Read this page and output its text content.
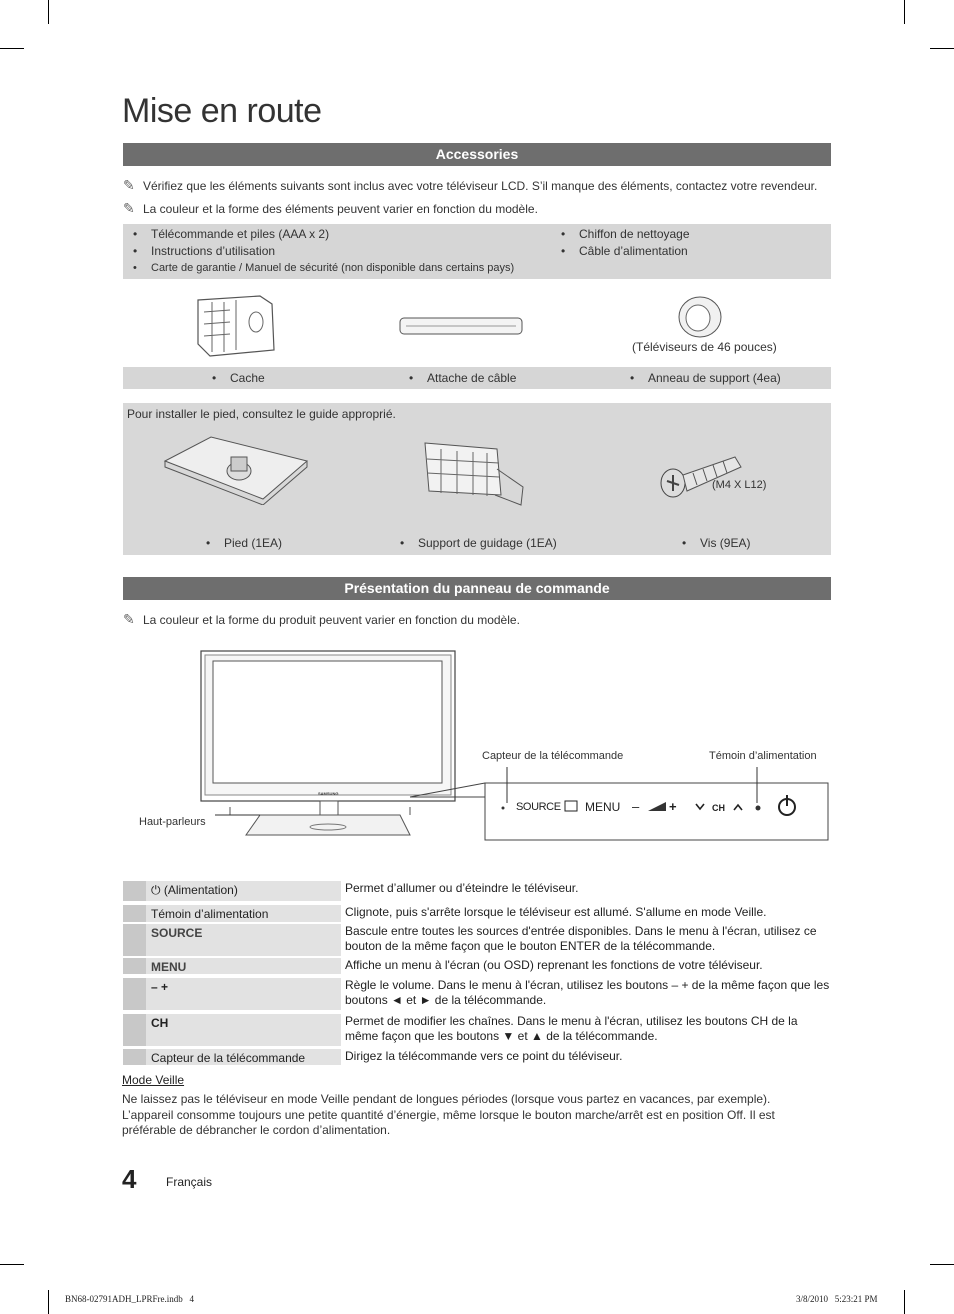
Mise en route
Accessories
✎ Vérifiez que les éléments suivants sont inclus avec votre téléviseur LCD. S’il manque des éléments, contactez votre revendeur.
✎ La couleur et la forme des éléments peuvent varier en fonction du modèle.
• Télécommande et piles (AAA x 2)
• Instructions d’utilisation
• Carte de garantie / Manuel de sécurité (non disponible dans certains pays)
• Chiffon de nettoyage
• Câble d’alimentation
(Téléviseurs de 46 pouces)
• Cache	• Attache de câble	• Anneau de support (4ea)
Pour installer le pied, consultez le guide approprié.
(M4 X L12)
• Pied (1EA)	• Support de guidage (1EA)	• Vis (9EA)
Présentation du panneau de commande
✎ La couleur et la forme du produit peuvent varier en fonction du modèle.
SAMSUNG
Capteur de la télécommande	Témoin d’alimentation
Haut-parleurs
SOURCE MENU – +	CH
⏻ (Alimentation)	Permet d’allumer ou d’éteindre le téléviseur.
Témoin d’alimentation	Clignote, puis s'arrête lorsque le téléviseur est allumé. S'allume en mode Veille.
SOURCE	Bascule entre toutes les sources d'entrée disponibles. Dans le menu à l'écran, utilisez ce bouton de la même façon que le bouton ENTER de la télécommande.
MENU	Affiche un menu à l'écran (ou OSD) reprenant les fonctions de votre téléviseur.
– +	Règle le volume. Dans le menu à l'écran, utilisez les boutons – + de la même façon que les boutons ◄ et ► de la télécommande.
CH	Permet de modifier les chaînes. Dans le menu à l'écran, utilisez les boutons CH de la même façon que les boutons ▼ et ▲ de la télécommande.
Capteur de la télécommande	Dirigez la télécommande vers ce point du téléviseur.
Mode Veille
Ne laissez pas le téléviseur en mode Veille pendant de longues périodes (lorsque vous partez en vacances, par exemple). L’appareil consomme toujours une petite quantité d’énergie, même lorsque le bouton marche/arrêt est en position Off. Il est préférable de débrancher le cordon d’alimentation.
4 Français
BN68-02791ADH_LPRFre.indb   4	3/8/2010   5:23:21 PM
